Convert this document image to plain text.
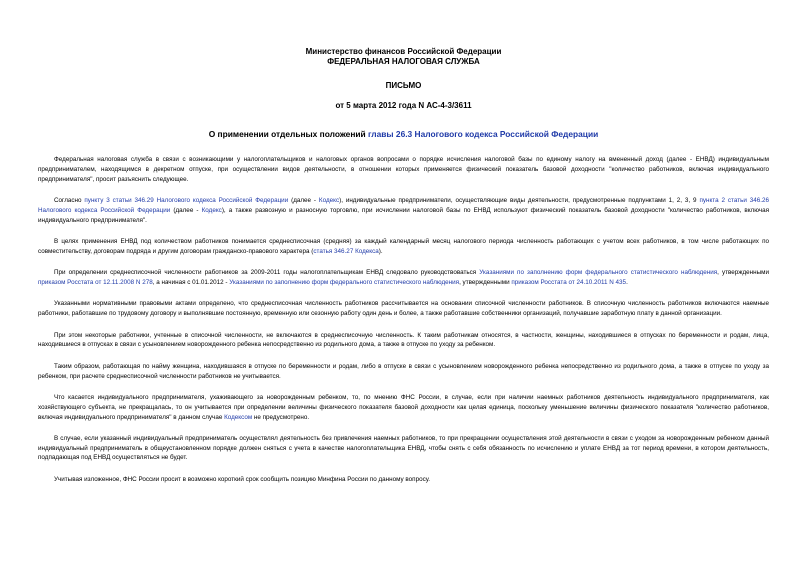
Министерство финансов Российской Федерации
ФЕДЕРАЛЬНАЯ НАЛОГОВАЯ СЛУЖБА
ПИСЬМО
от 5 марта 2012 года N АС-4-3/3611
О применении отдельных положений главы 26.3 Налогового кодекса Российской Федерации

Федеральная налоговая служба в связи с возникающими у налогоплательщиков и налоговых органов вопросами о порядке исчисления налоговой базы по единому налогу на вмененный доход (далее - ЕНВД) индивидуальным предпринимателем, находящимся в декретном отпуске, при осуществлении видов деятельности, в отношении которых применяется физический показатель базовой доходности "количество работников, включая индивидуального предпринимателя", просит разъяснить следующее.

Согласно пункту 3 статьи 346.29 Налогового кодекса Российской Федерации (далее - Кодекс), индивидуальные предприниматели, осуществляющие виды деятельности, предусмотренные подпунктами 1, 2, 3, 9 пункта 2 статьи 346.26 Налогового кодекса Российской Федерации (далее - Кодекс), а также развозную и разносную торговлю, при исчислении налоговой базы по ЕНВД используют физический показатель базовой доходности "количество работников, включая индивидуального предпринимателя".

В целях применения ЕНВД под количеством работников понимается среднесписочная (средняя) за каждый календарный месяц налогового периода численность работающих с учетом всех работников, в том числе работающих по совместительству, договорам подряда и другим договорам гражданско-правового характера (статья 346.27 Кодекса).

При определении среднесписочной численности работников за 2009-2011 годы налогоплательщикам ЕНВД следовало руководствоваться Указаниями по заполнению форм федерального статистического наблюдения, утвержденными приказом Росстата от 12.11.2008 N 278, а начиная с 01.01.2012 - Указаниями по заполнению форм федерального статистического наблюдения, утвержденными приказом Росстата от 24.10.2011 N 435.

Указанными нормативными правовыми актами определено, что среднесписочная численность работников рассчитывается на основании списочной численности работников. В списочную численность работников включаются наемные работники, работавшие по трудовому договору и выполнявшие постоянную, временную или сезонную работу один день и более, а также работавшие собственники организаций, получавшие заработную плату в данной организации.

При этом некоторые работники, учтенные в списочной численности, не включаются в среднесписочную численность. К таким работникам относятся, в частности, женщины, находившиеся в отпусках по беременности и родам, лица, находившиеся в отпусках в связи с усыновлением новорожденного ребенка непосредственно из родильного дома, а также в отпуске по уходу за ребенком.

Таким образом, работающая по найму женщина, находившаяся в отпуске по беременности и родам, либо в отпуске в связи с усыновлением новорожденного ребенка непосредственно из родильного дома, а также в отпуске по уходу за ребенком, при расчете среднесписочной численности работников не учитывается.

Что касается индивидуального предпринимателя, ухаживающего за новорожденным ребенком, то, по мнению ФНС России, в случае, если при наличии наемных работников деятельность индивидуального предпринимателя, как хозяйствующего субъекта, не прекращалась, то он учитывается при определении величины физического показателя базовой доходности как целая единица, поскольку уменьшение величины физического показателя "количество работников, включая индивидуального предпринимателя" в данном случае Кодексом не предусмотрено.

В случае, если указанный индивидуальный предприниматель осуществлял деятельность без привлечения наемных работников, то при прекращении осуществления этой деятельности в связи с уходом за новорожденным ребенком данный индивидуальный предприниматель в общеустановленном порядке должен сняться с учета в качестве налогоплательщика ЕНВД, чтобы снять с себя обязанность по исчислению и уплате ЕНВД за тот период времени, в котором деятельность, подпадающая под ЕНВД осуществляться не будет.

Учитывая изложенное, ФНС России просит в возможно короткий срок сообщить позицию Минфина России по данному вопросу.
